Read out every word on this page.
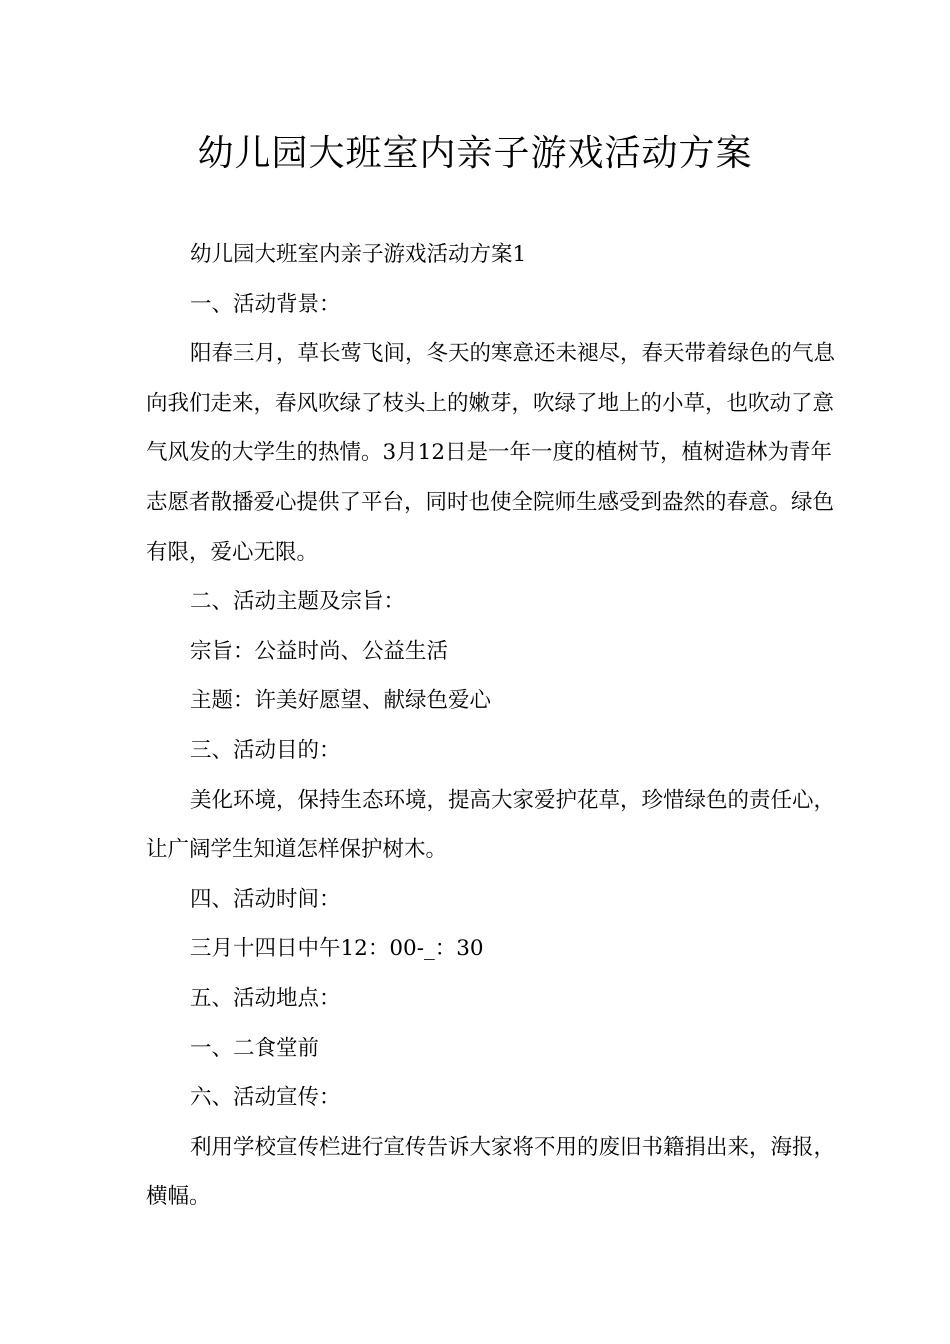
幼儿园大班室内亲子游戏活动方案

幼儿园大班室内亲子游戏活动方案1

一、活动背景：

阳春三月，草长莺飞间，冬天的寒意还未褪尽，春天带着绿色的气息向我们走来，春风吹绿了枝头上的嫩芽，吹绿了地上的小草，也吹动了意气风发的大学生的热情。3月12日是一年一度的植树节，植树造林为青年志愿者散播爱心提供了平台，同时也使全院师生感受到盎然的春意。绿色有限，爱心无限。

二、活动主题及宗旨：

宗旨：公益时尚、公益生活

主题：许美好愿望、献绿色爱心

三、活动目的：

美化环境，保持生态环境，提高大家爱护花草，珍惜绿色的责任心，让广阔学生知道怎样保护树木。

四、活动时间：

三月十四日中午12：00-_：30

五、活动地点：

一、二食堂前

六、活动宣传：

利用学校宣传栏进行宣传告诉大家将不用的废旧书籍捐出来，海报，横幅。
